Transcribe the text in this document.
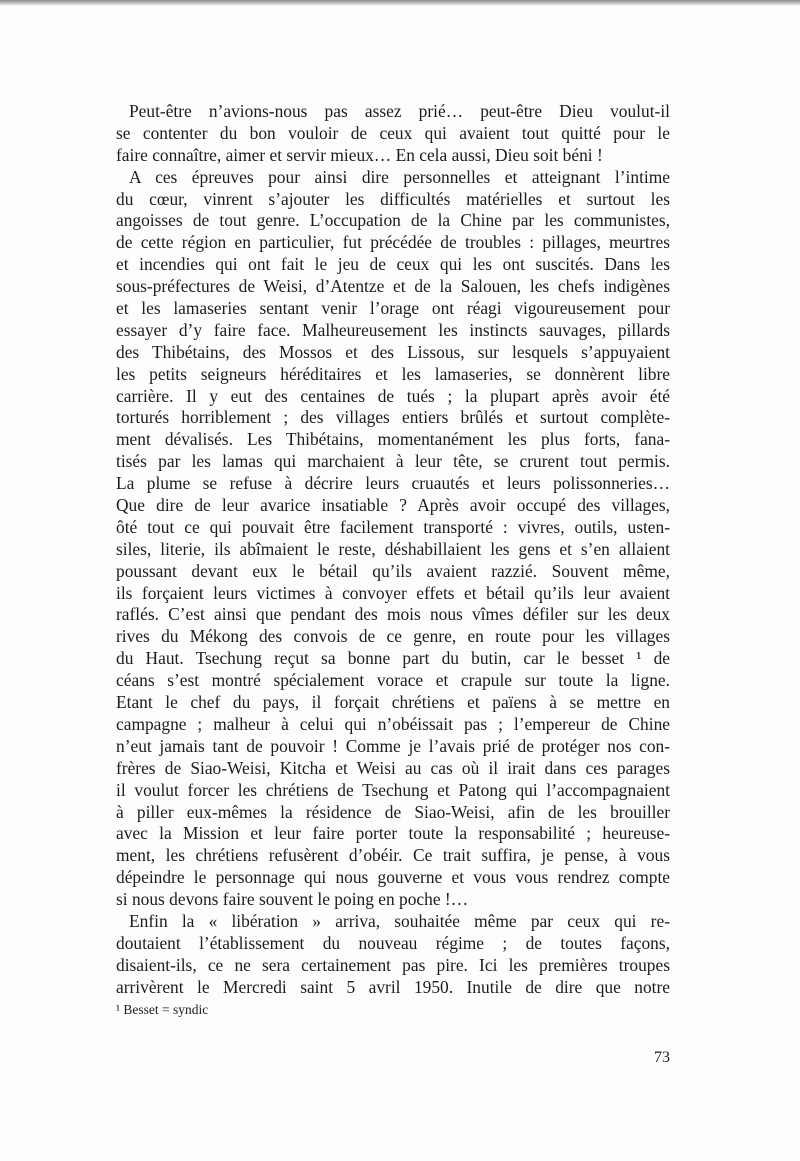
Peut-être n’avions-nous pas assez prié… peut-être Dieu voulut-il
se contenter du bon vouloir de ceux qui avaient tout quitté pour le
faire connaître, aimer et servir mieux… En cela aussi, Dieu soit béni !
A ces épreuves pour ainsi dire personnelles et atteignant l’intime
du cœur, vinrent s’ajouter les difficultés matérielles et surtout les
angoisses de tout genre. L’occupation de la Chine par les communistes,
de cette région en particulier, fut précédée de troubles : pillages, meurtres
et incendies qui ont fait le jeu de ceux qui les ont suscités. Dans les
sous-préfectures de Weisi, d’Atentze et de la Salouen, les chefs indigènes
et les lamaseries sentant venir l’orage ont réagi vigoureusement pour
essayer d’y faire face. Malheureusement les instincts sauvages, pillards
des Thibétains, des Mossos et des Lissous, sur lesquels s’appuyaient
les petits seigneurs héréditaires et les lamaseries, se donnèrent libre
carrière. Il y eut des centaines de tués ; la plupart après avoir été
torturés horriblement ; des villages entiers brûlés et surtout complète-
ment dévalisés. Les Thibétains, momentanément les plus forts, fana-
tisés par les lamas qui marchaient à leur tête, se crurent tout permis.
La plume se refuse à décrire leurs cruautés et leurs polissonneries…
Que dire de leur avarice insatiable ? Après avoir occupé des villages,
ôté tout ce qui pouvait être facilement transporté : vivres, outils, usten-
siles, literie, ils abîmaient le reste, déshabillaient les gens et s’en allaient
poussant devant eux le bétail qu’ils avaient razzié. Souvent même,
ils forçaient leurs victimes à convoyer effets et bétail qu’ils leur avaient
raflés. C’est ainsi que pendant des mois nous vîmes défiler sur les deux
rives du Mékong des convois de ce genre, en route pour les villages
du Haut. Tsechung reçut sa bonne part du butin, car le besset ¹ de
céans s’est montré spécialement vorace et crapule sur toute la ligne.
Etant le chef du pays, il forçait chrétiens et païens à se mettre en
campagne ; malheur à celui qui n’obéissait pas ; l’empereur de Chine
n’eut jamais tant de pouvoir ! Comme je l’avais prié de protéger nos con-
frères de Siao-Weisi, Kitcha et Weisi au cas où il irait dans ces parages
il voulut forcer les chrétiens de Tsechung et Patong qui l’accompagnaient
à piller eux-mêmes la résidence de Siao-Weisi, afin de les brouiller
avec la Mission et leur faire porter toute la responsabilité ; heureuse-
ment, les chrétiens refusèrent d’obéir. Ce trait suffira, je pense, à vous
dépeindre le personnage qui nous gouverne et vous vous rendrez compte
si nous devons faire souvent le poing en poche !…
Enfin la « libération » arriva, souhaitée même par ceux qui re-
doutaient l’établissement du nouveau régime ; de toutes façons,
disaient-ils, ce ne sera certainement pas pire. Ici les premières troupes
arrivèrent le Mercredi saint 5 avril 1950. Inutile de dire que notre
¹ Besset = syndic
73
